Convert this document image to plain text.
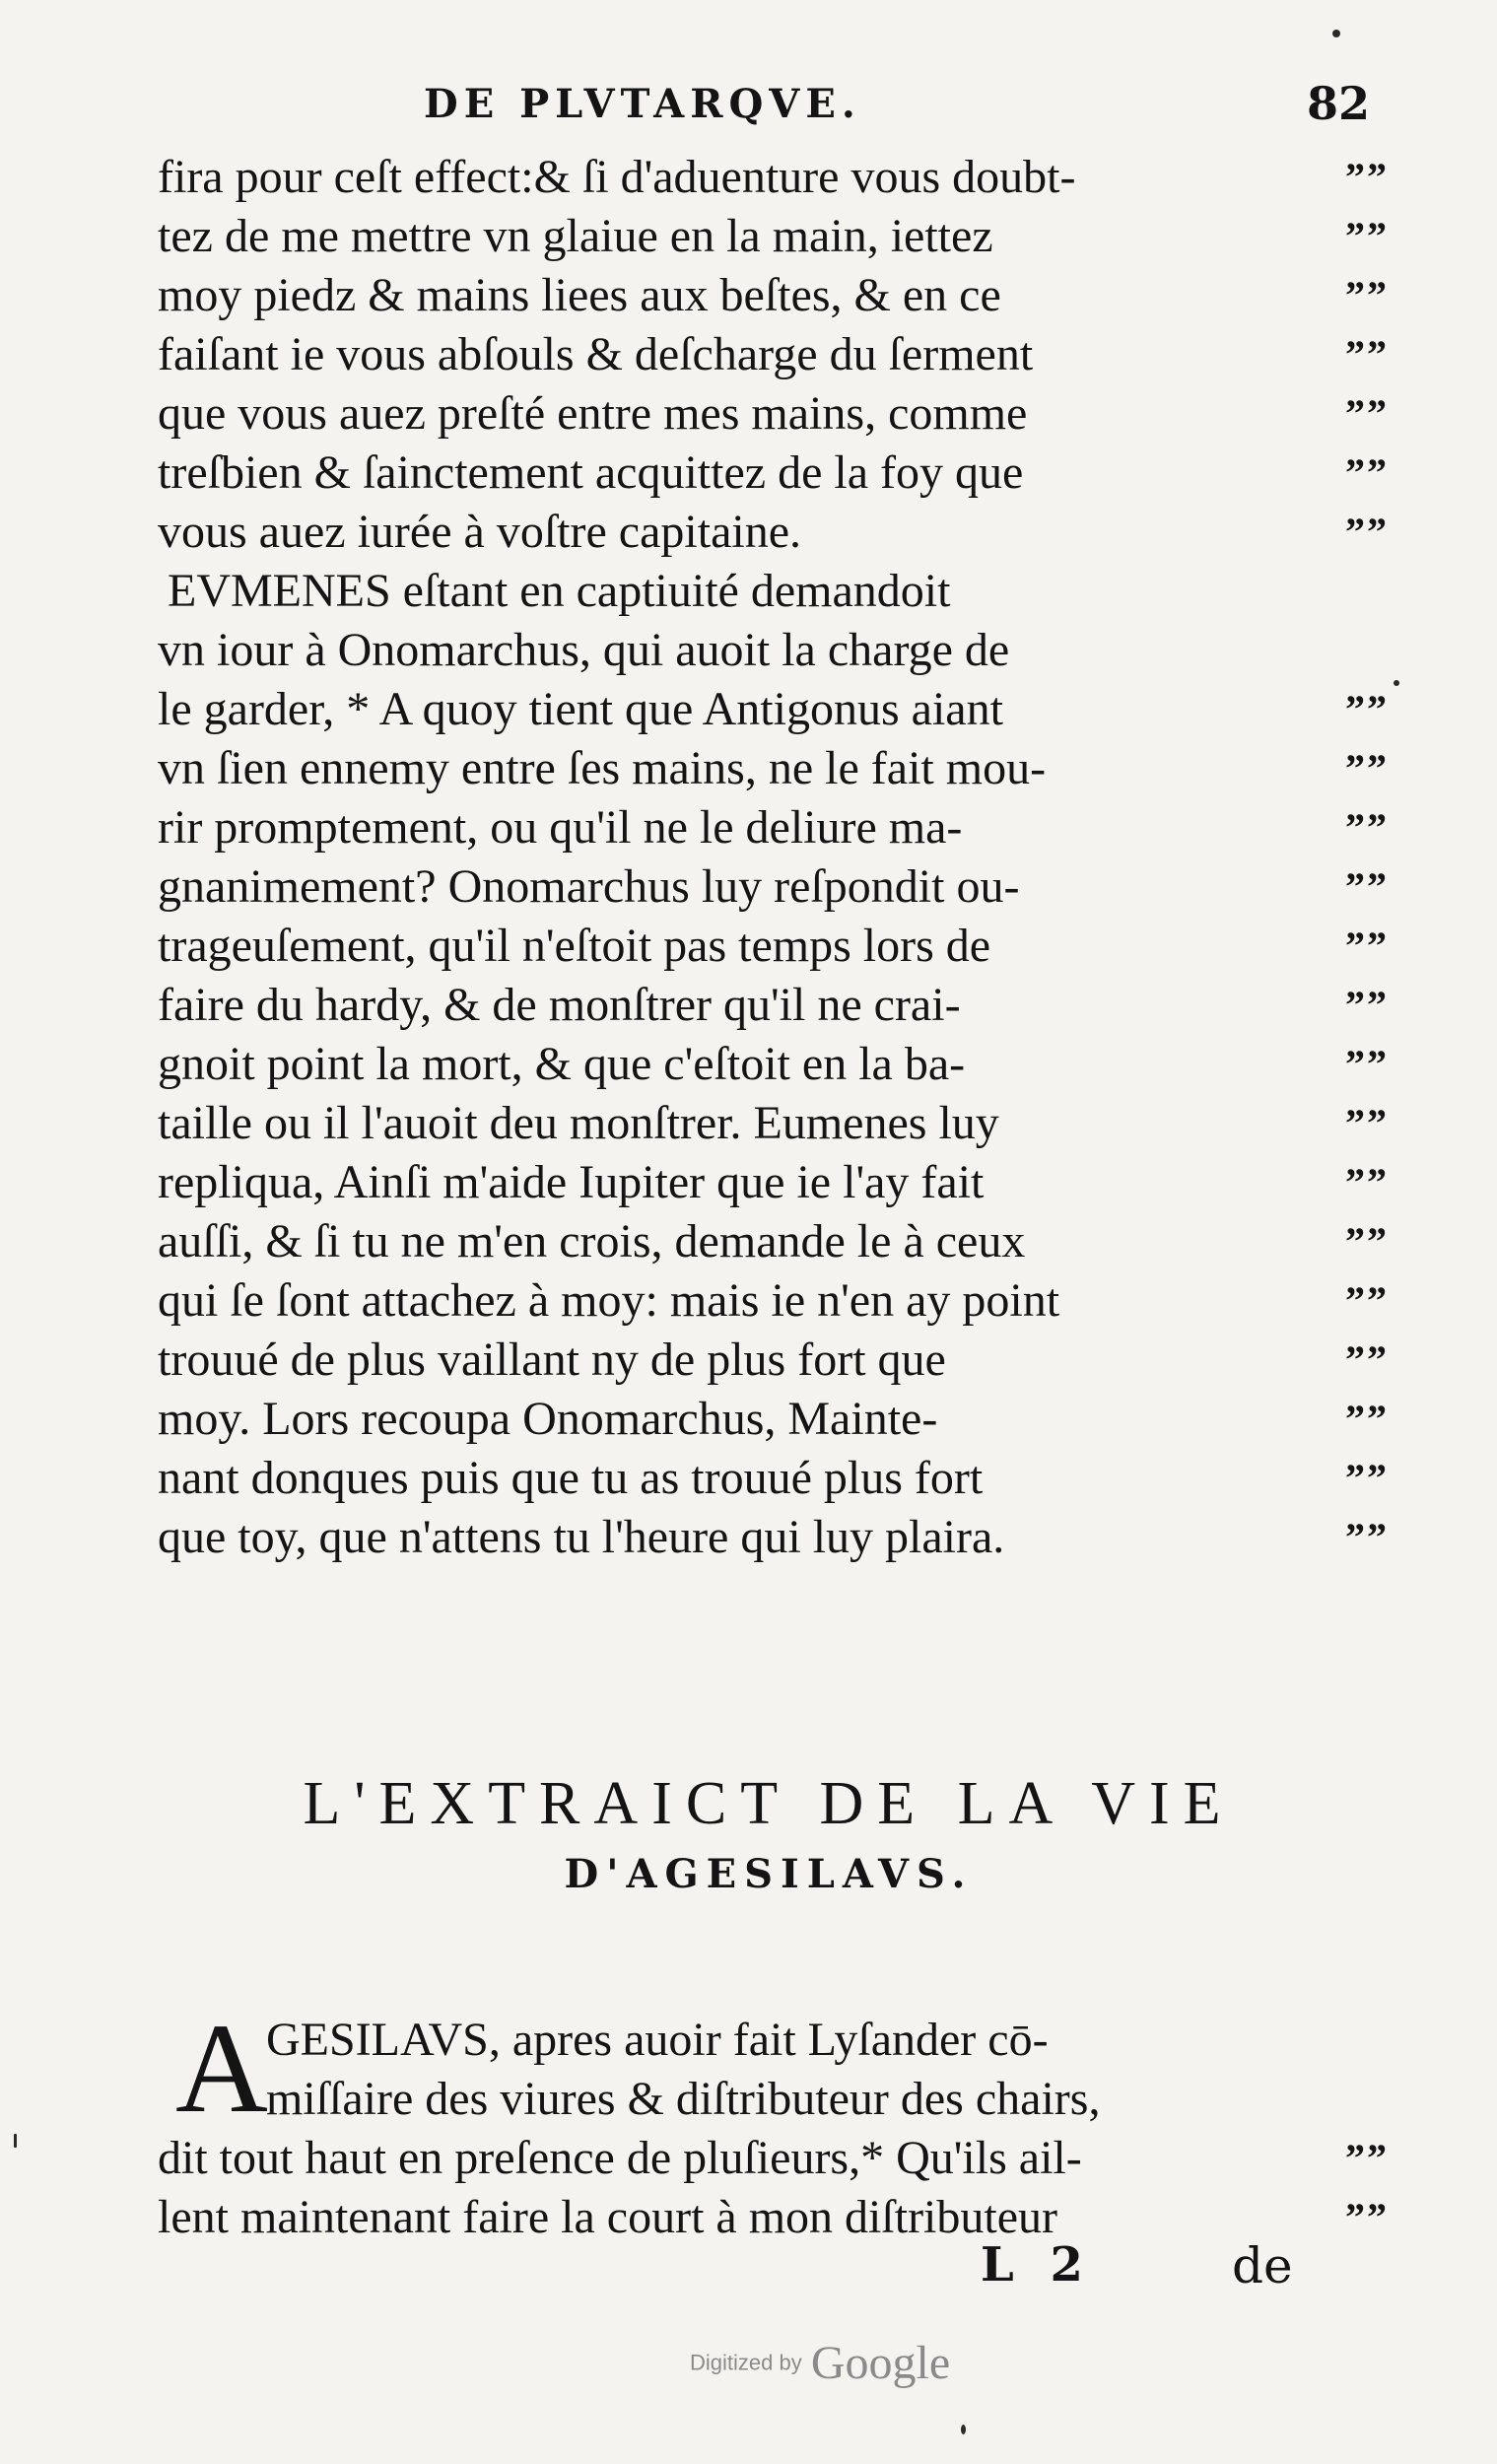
DE PLVTARQVE.	82
fira pour ceſt effect:& ſi d'aduenture vous doubt-	””
tez de me mettre vn glaiue en la main, iettez	””
moy piedz & mains liees aux beſtes, & en ce	””
faiſant ie vous abſouls & deſcharge du ſerment	””
que vous auez preſté entre mes mains, comme	””
treſbien & ſainctement acquittez de la foy que	””
vous auez iurée à voſtre capitaine.	””
EVMENES eſtant en captiuité demandoit
vn iour à Onomarchus, qui auoit la charge de
le garder, * A quoy tient que Antigonus aiant	””
vn ſien ennemy entre ſes mains, ne le fait mou-	””
rir promptement, ou qu'il ne le deliure ma-	””
gnanimement? Onomarchus luy reſpondit ou-	””
trageuſement, qu'il n'eſtoit pas temps lors de	””
faire du hardy, & de monſtrer qu'il ne crai-	””
gnoit point la mort, & que c'eſtoit en la ba-	””
taille ou il l'auoit deu monſtrer. Eumenes luy	””
repliqua, Ainſi m'aide Iupiter que ie l'ay fait	””
auſſi, & ſi tu ne m'en crois, demande le à ceux	””
qui ſe ſont attachez à moy: mais ie n'en ay point	””
trouué de plus vaillant ny de plus fort que	””
moy. Lors recoupa Onomarchus, Mainte-	””
nant donques puis que tu as trouué plus fort	””
que toy, que n'attens tu l'heure qui luy plaira.	””
L'EXTRAICT DE LA VIE
D'AGESILAVS.
A
GESILAVS, apres auoir fait Lyſander cō-
miſſaire des viures & diſtributeur des chairs,
dit tout haut en preſence de pluſieurs,* Qu'ils ail-	””
lent maintenant faire la court à mon diſtributeur	””
L 2	de
Digitized by Google
